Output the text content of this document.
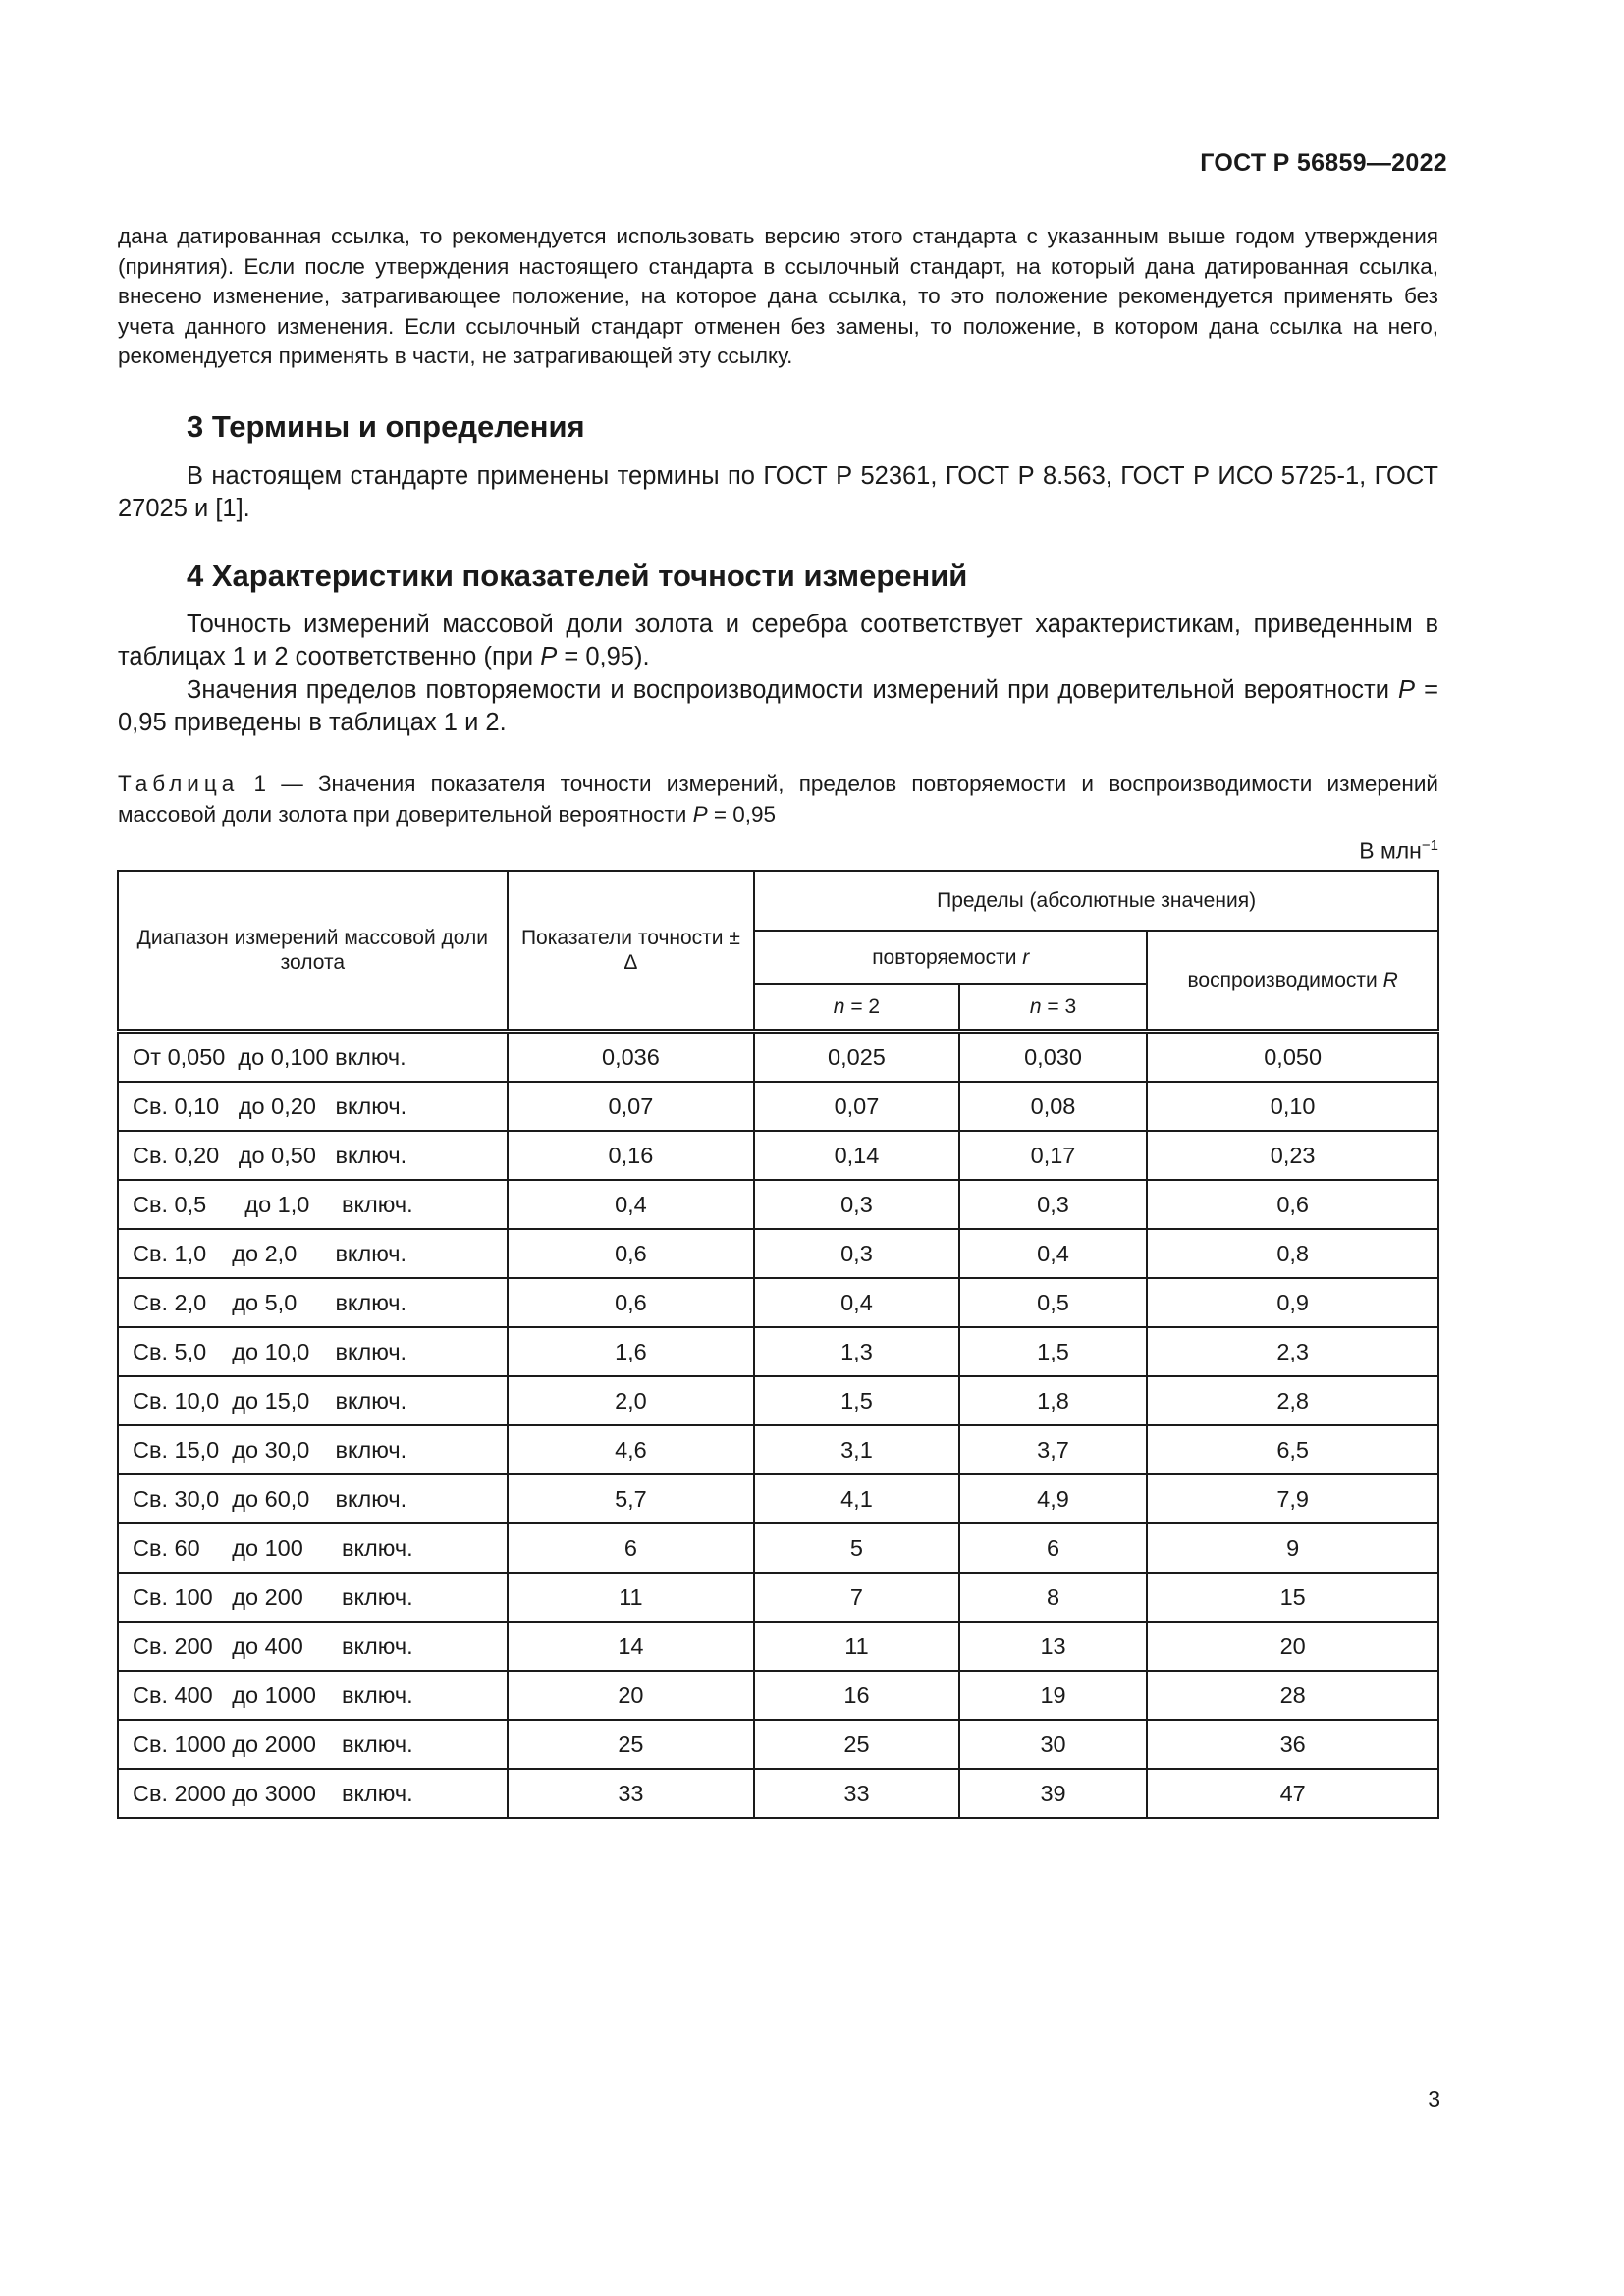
ГОСТ Р 56859—2022

дана датированная ссылка, то рекомендуется использовать версию этого стандарта с указанным выше годом утверждения (принятия). Если после утверждения настоящего стандарта в ссылочный стандарт, на который дана датированная ссылка, внесено изменение, затрагивающее положение, на которое дана ссылка, то это положение рекомендуется применять без учета данного изменения. Если ссылочный стандарт отменен без замены, то положение, в котором дана ссылка на него, рекомендуется применять в части, не затрагивающей эту ссылку.

3 Термины и определения

В настоящем стандарте применены термины по ГОСТ Р 52361, ГОСТ Р 8.563, ГОСТ Р ИСО 5725-1, ГОСТ 27025 и [1].

4 Характеристики показателей точности измерений

Точность измерений массовой доли золота и серебра соответствует характеристикам, приведенным в таблицах 1 и 2 соответственно (при P = 0,95).

Значения пределов повторяемости и воспроизводимости измерений при доверительной вероятности P = 0,95 приведены в таблицах 1 и 2.

Таблица 1 — Значения показателя точности измерений, пределов повторяемости и воспроизводимости измерений массовой доли золота при доверительной вероятности P = 0,95

В млн$^{-1}$

Диапазон измерений массовой доли золота	Показатели точности ± Δ	Пределы (абсолютные значения)		
		повторяемости r		воспроизводимости R
		n = 2	n = 3	
От 0,050  до 0,100 включ.	0,036	0,025	0,030	0,050
Св. 0,10   до 0,20   включ.	0,07	0,07	0,08	0,10
Св. 0,20   до 0,50   включ.	0,16	0,14	0,17	0,23
Св. 0,5      до 1,0     включ.	0,4	0,3	0,3	0,6
Св. 1,0    до 2,0      включ.	0,6	0,3	0,4	0,8
Св. 2,0    до 5,0      включ.	0,6	0,4	0,5	0,9
Св. 5,0    до 10,0    включ.	1,6	1,3	1,5	2,3
Св. 10,0  до 15,0    включ.	2,0	1,5	1,8	2,8
Св. 15,0  до 30,0    включ.	4,6	3,1	3,7	6,5
Св. 30,0  до 60,0    включ.	5,7	4,1	4,9	7,9
Св. 60     до 100      включ.	6	5	6	9
Св. 100   до 200      включ.	11	7	8	15
Св. 200   до 400      включ.	14	11	13	20
Св. 400   до 1000    включ.	20	16	19	28
Св. 1000 до 2000    включ.	25	25	30	36
Св. 2000 до 3000    включ.	33	33	39	47
3
